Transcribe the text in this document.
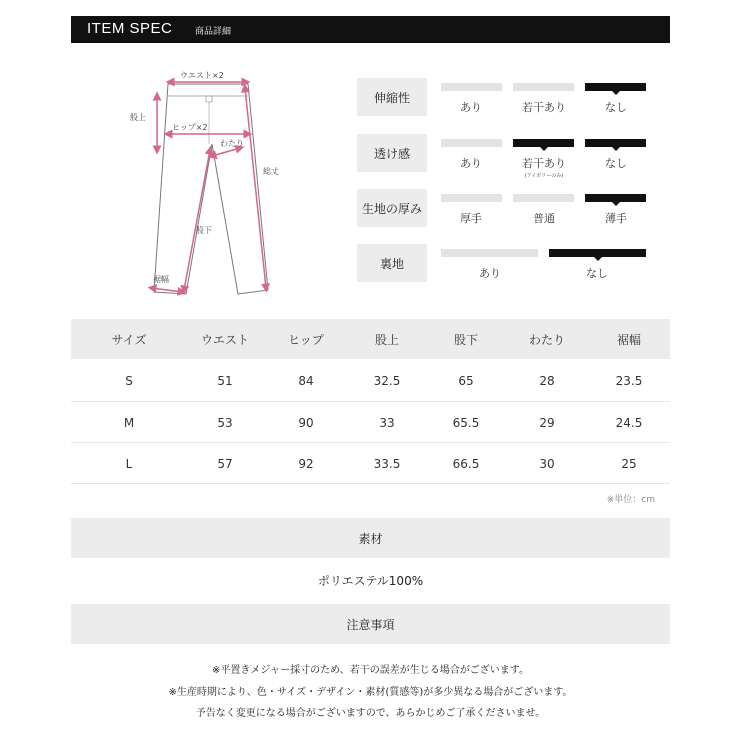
ITEM SPEC	商品詳細
ウエスト×2
ヒップ×2
股上
わたり
総丈
股下
裾幅
伸縮性
あり	若干あり	なし
透け感
あり	若干あり
(アイボリーのみ)
なし
生地の厚み
厚手	普通	薄手
裏地
あり	なし
サイズ	ウエスト	ヒップ	股上	股下	わたり	裾幅
S	51	84	32.5	65	28	23.5
M	53	90	33	65.5	29	24.5
L	57	92	33.5	66.5	30	25
※単位：cm
素材
ポリエステル100%
注意事項
※平置きメジャー採寸のため、若干の誤差が生じる場合がございます。
※生産時期により、色・サイズ・デザイン・素材(質感等)が多少異なる場合がございます。
予告なく変更になる場合がございますので、あらかじめご了承くださいませ。
